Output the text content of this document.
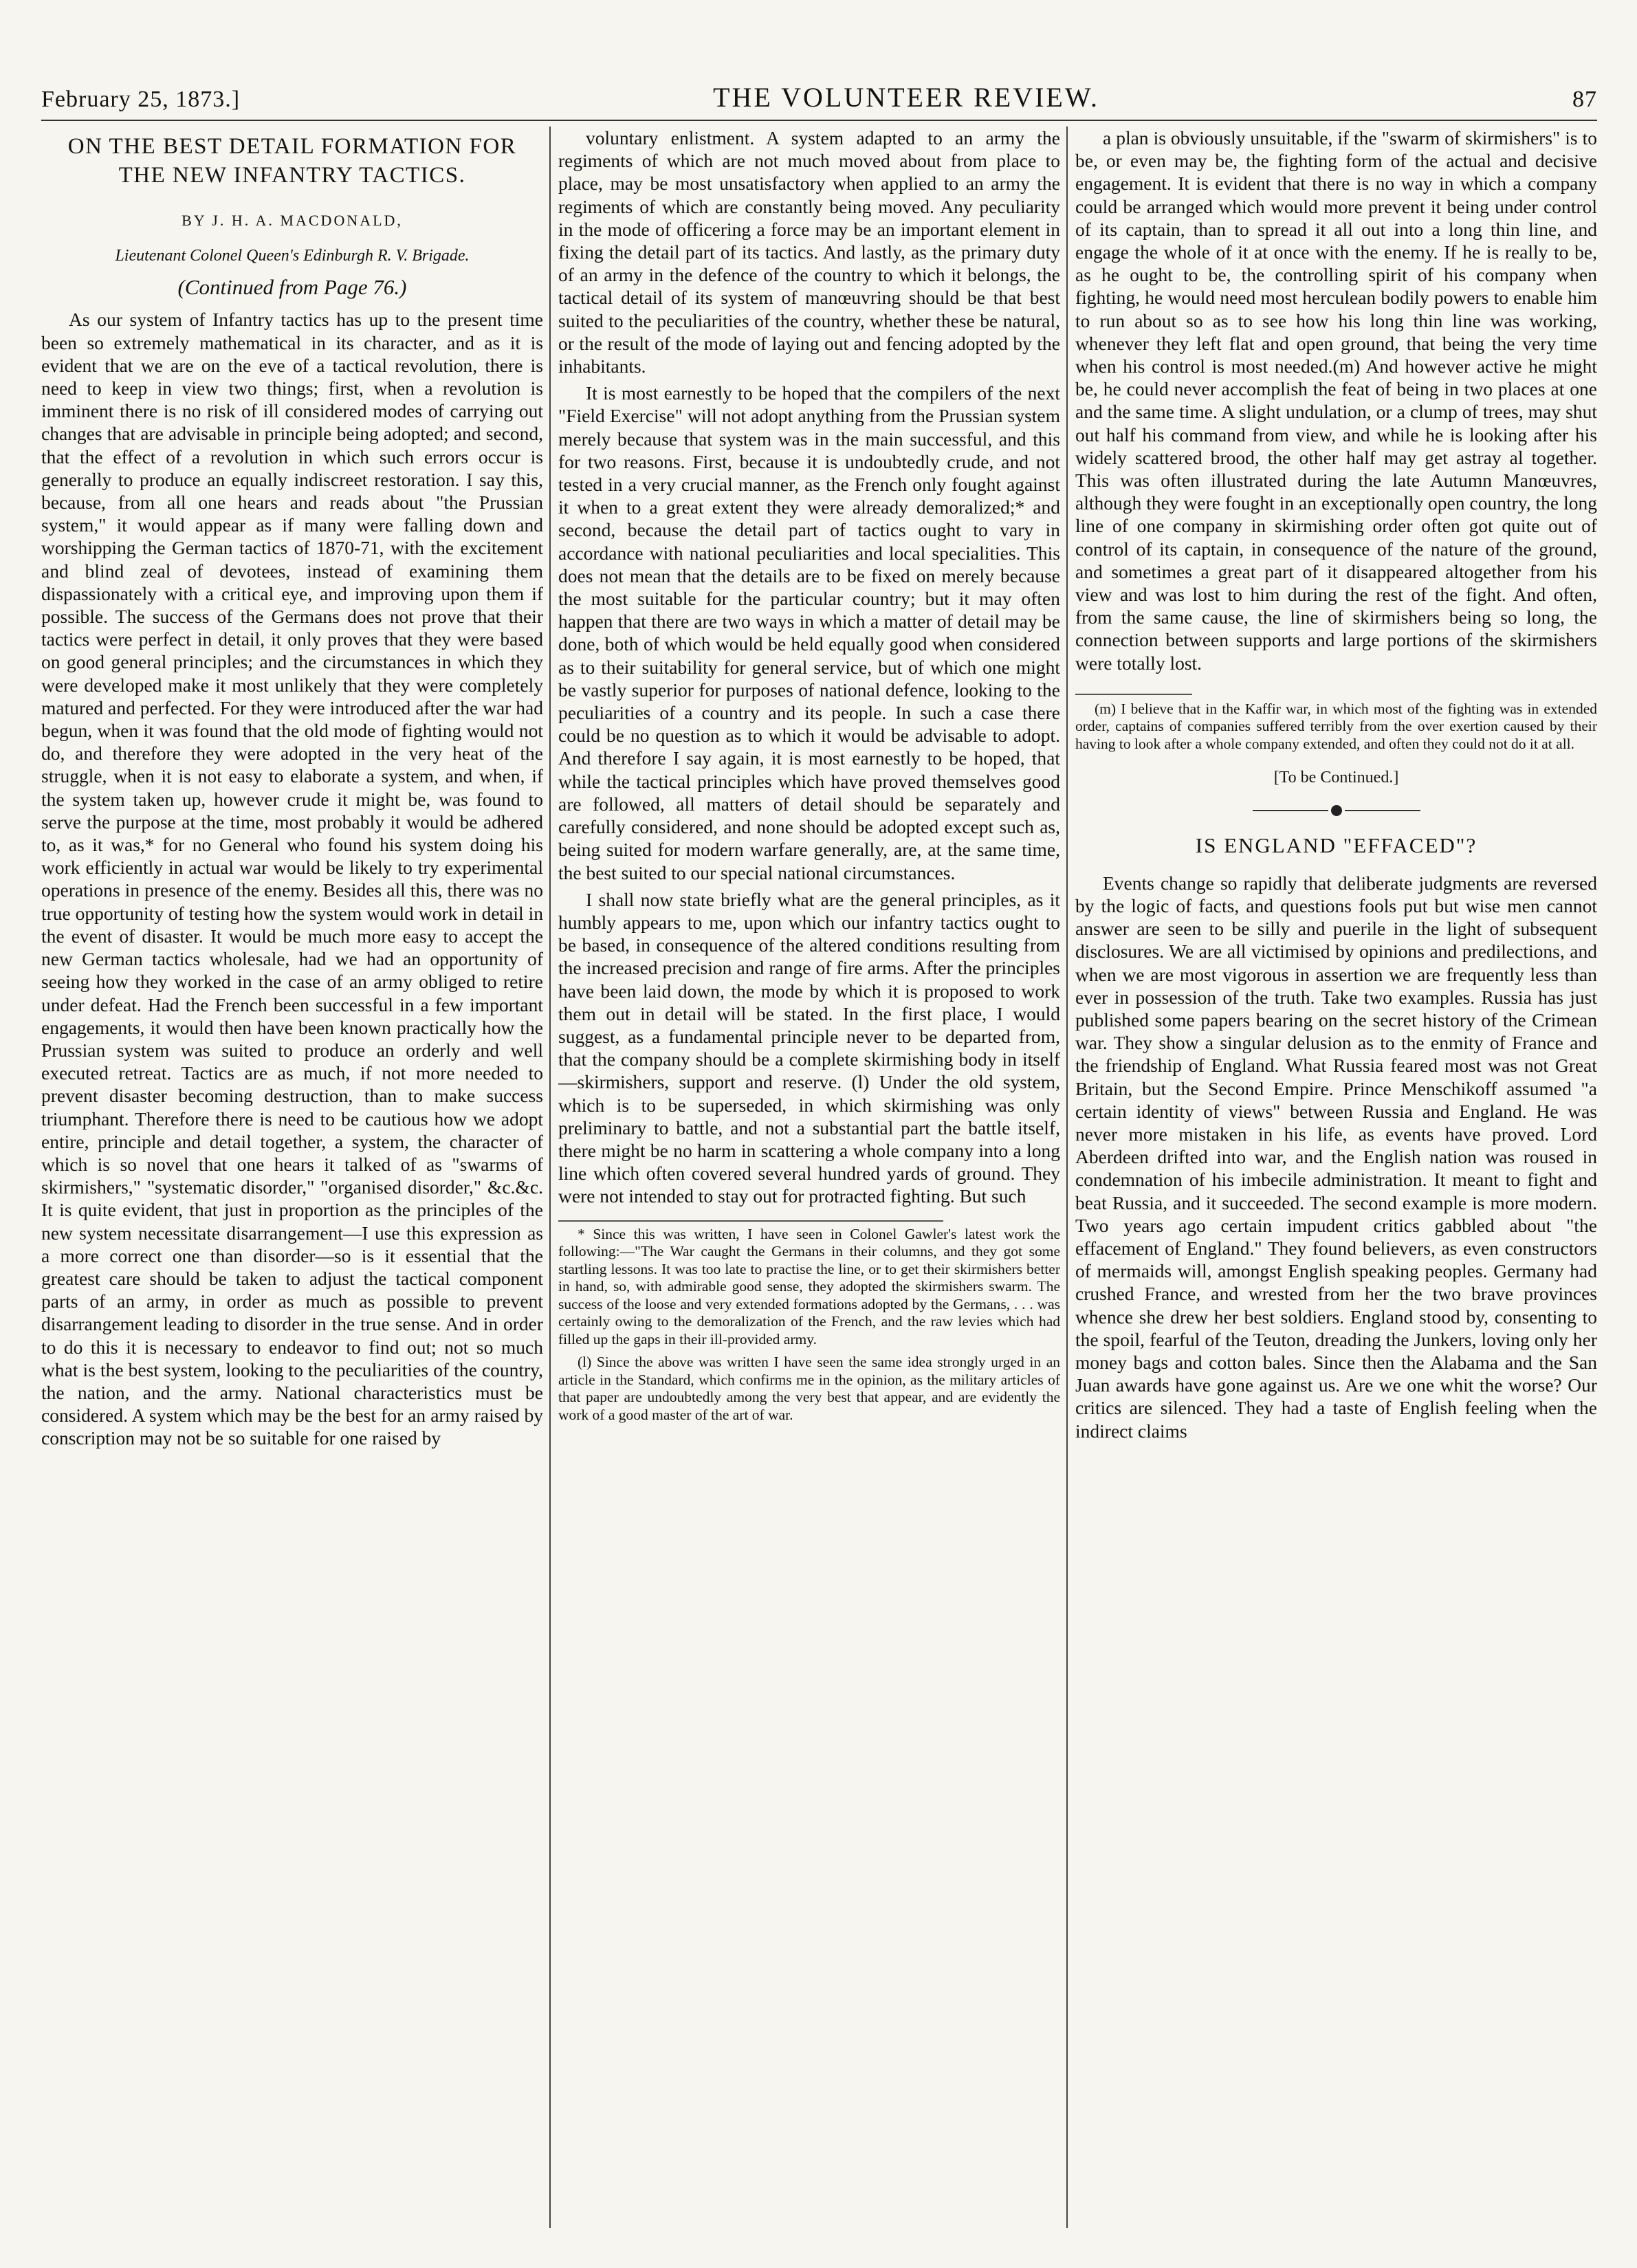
February 25, 1873.]	THE VOLUNTEER REVIEW.	87
ON THE BEST DETAIL FORMATION FOR THE NEW INFANTRY TACTICS.
BY J. H. A. MACDONALD,
Lieutenant Colonel Queen's Edinburgh R. V. Brigade.
(Continued from Page 76.)

As our system of Infantry tactics has up to the present time been so extremely mathematical in its character, and as it is evident that we are on the eve of a tactical revolution, there is need to keep in view two things; first, when a revolution is imminent there is no risk of ill considered modes of carrying out changes that are advisable in principle being adopted; and second, that the effect of a revolution in which such errors occur is generally to produce an equally indiscreet restoration. I say this, because, from all one hears and reads about "the Prussian system," it would appear as if many were falling down and worshipping the German tactics of 1870-71, with the excitement and blind zeal of devotees, instead of examining them dispassionately with a critical eye, and improving upon them if possible. The success of the Germans does not prove that their tactics were perfect in detail, it only proves that they were based on good general principles; and the circumstances in which they were developed make it most unlikely that they were completely matured and perfected. For they were introduced after the war had begun, when it was found that the old mode of fighting would not do, and therefore they were adopted in the very heat of the struggle, when it is not easy to elaborate a system, and when, if the system taken up, however crude it might be, was found to serve the purpose at the time, most probably it would be adhered to, as it was,* for no General who found his system doing his work efficiently in actual war would be likely to try experimental operations in presence of the enemy. Besides all this, there was no true opportunity of testing how the system would work in detail in the event of disaster. It would be much more easy to accept the new German tactics wholesale, had we had an opportunity of seeing how they worked in the case of an army obliged to retire under defeat. Had the French been successful in a few important engagements, it would then have been known practically how the Prussian system was suited to produce an orderly and well executed retreat. Tactics are as much, if not more needed to prevent disaster becoming destruction, than to make success triumphant. Therefore there is need to be cautious how we adopt entire, principle and detail together, a system, the character of which is so novel that one hears it talked of as "swarms of skirmishers," "systematic disorder," "organised disorder," &c.&c. It is quite evident, that just in proportion as the principles of the new system necessitate disarrangement—I use this expression as a more correct one than disorder—so is it essential that the greatest care should be taken to adjust the tactical component parts of an army, in order as much as possible to prevent disarrangement leading to disorder in the true sense. And in order to do this it is necessary to endeavor to find out; not so much what is the best system, looking to the peculiarities of the country, the nation, and the army. National characteristics must be considered. A system which may be the best for an army raised by conscription may not be so suitable for one raised by

voluntary enlistment. A system adapted to an army the regiments of which are not much moved about from place to place, may be most unsatisfactory when applied to an army the regiments of which are constantly being moved. Any peculiarity in the mode of officering a force may be an important element in fixing the detail part of its tactics. And lastly, as the primary duty of an army in the defence of the country to which it belongs, the tactical detail of its system of manœuvring should be that best suited to the peculiarities of the country, whether these be natural, or the result of the mode of laying out and fencing adopted by the inhabitants.

It is most earnestly to be hoped that the compilers of the next "Field Exercise" will not adopt anything from the Prussian system merely because that system was in the main successful, and this for two reasons. First, because it is undoubtedly crude, and not tested in a very crucial manner, as the French only fought against it when to a great extent they were already demoralized;* and second, because the detail part of tactics ought to vary in accordance with national peculiarities and local specialities. This does not mean that the details are to be fixed on merely because the most suitable for the particular country; but it may often happen that there are two ways in which a matter of detail may be done, both of which would be held equally good when considered as to their suitability for general service, but of which one might be vastly superior for purposes of national defence, looking to the peculiarities of a country and its people. In such a case there could be no question as to which it would be advisable to adopt. And therefore I say again, it is most earnestly to be hoped, that while the tactical principles which have proved themselves good are followed, all matters of detail should be separately and carefully considered, and none should be adopted except such as, being suited for modern warfare generally, are, at the same time, the best suited to our special national circumstances.

I shall now state briefly what are the general principles, as it humbly appears to me, upon which our infantry tactics ought to be based, in consequence of the altered conditions resulting from the increased precision and range of fire arms. After the principles have been laid down, the mode by which it is proposed to work them out in detail will be stated. In the first place, I would suggest, as a fundamental principle never to be departed from, that the company should be a complete skirmishing body in itself—skirmishers, support and reserve. (l) Under the old system, which is to be superseded, in which skirmishing was only preliminary to battle, and not a substantial part the battle itself, there might be no harm in scattering a whole company into a long line which often covered several hundred yards of ground. They were not intended to stay out for protracted fighting. But such

* Since this was written, I have seen in Colonel Gawler's latest work the following:—"The War caught the Germans in their columns, and they got some startling lessons. It was too late to practise the line, or to get their skirmishers better in hand, so, with admirable good sense, they adopted the skirmishers swarm. The success of the loose and very extended formations adopted by the Germans, . . . was certainly owing to the demoralization of the French, and the raw levies which had filled up the gaps in their ill-provided army.

(l) Since the above was written I have seen the same idea strongly urged in an article in the Standard, which confirms me in the opinion, as the military articles of that paper are undoubtedly among the very best that appear, and are evidently the work of a good master of the art of war.

a plan is obviously unsuitable, if the "swarm of skirmishers" is to be, or even may be, the fighting form of the actual and decisive engagement. It is evident that there is no way in which a company could be arranged which would more prevent it being under control of its captain, than to spread it all out into a long thin line, and engage the whole of it at once with the enemy. If he is really to be, as he ought to be, the controlling spirit of his company when fighting, he would need most herculean bodily powers to enable him to run about so as to see how his long thin line was working, whenever they left flat and open ground, that being the very time when his control is most needed.(m) And however active he might be, he could never accomplish the feat of being in two places at one and the same time. A slight undulation, or a clump of trees, may shut out half his command from view, and while he is looking after his widely scattered brood, the other half may get astray al together. This was often illustrated during the late Autumn Manœuvres, although they were fought in an exceptionally open country, the long line of one company in skirmishing order often got quite out of control of its captain, in consequence of the nature of the ground, and sometimes a great part of it disappeared altogether from his view and was lost to him during the rest of the fight. And often, from the same cause, the line of skirmishers being so long, the connection between supports and large portions of the skirmishers were totally lost.

(m) I believe that in the Kaffir war, in which most of the fighting was in extended order, captains of companies suffered terribly from the over exertion caused by their having to look after a whole company extended, and often they could not do it at all.

[To be Continued.]
IS ENGLAND "EFFACED"?

Events change so rapidly that deliberate judgments are reversed by the logic of facts, and questions fools put but wise men cannot answer are seen to be silly and puerile in the light of subsequent disclosures. We are all victimised by opinions and predilections, and when we are most vigorous in assertion we are frequently less than ever in possession of the truth. Take two examples. Russia has just published some papers bearing on the secret history of the Crimean war. They show a singular delusion as to the enmity of France and the friendship of England. What Russia feared most was not Great Britain, but the Second Empire. Prince Menschikoff assumed "a certain identity of views" between Russia and England. He was never more mistaken in his life, as events have proved. Lord Aberdeen drifted into war, and the English nation was roused in condemnation of his imbecile administration. It meant to fight and beat Russia, and it succeeded. The second example is more modern. Two years ago certain impudent critics gabbled about "the effacement of England." They found believers, as even constructors of mermaids will, amongst English speaking peoples. Germany had crushed France, and wrested from her the two brave provinces whence she drew her best soldiers. England stood by, consenting to the spoil, fearful of the Teuton, dreading the Junkers, loving only her money bags and cotton bales. Since then the Alabama and the San Juan awards have gone against us. Are we one whit the worse? Our critics are silenced. They had a taste of English feeling when the indirect claims
